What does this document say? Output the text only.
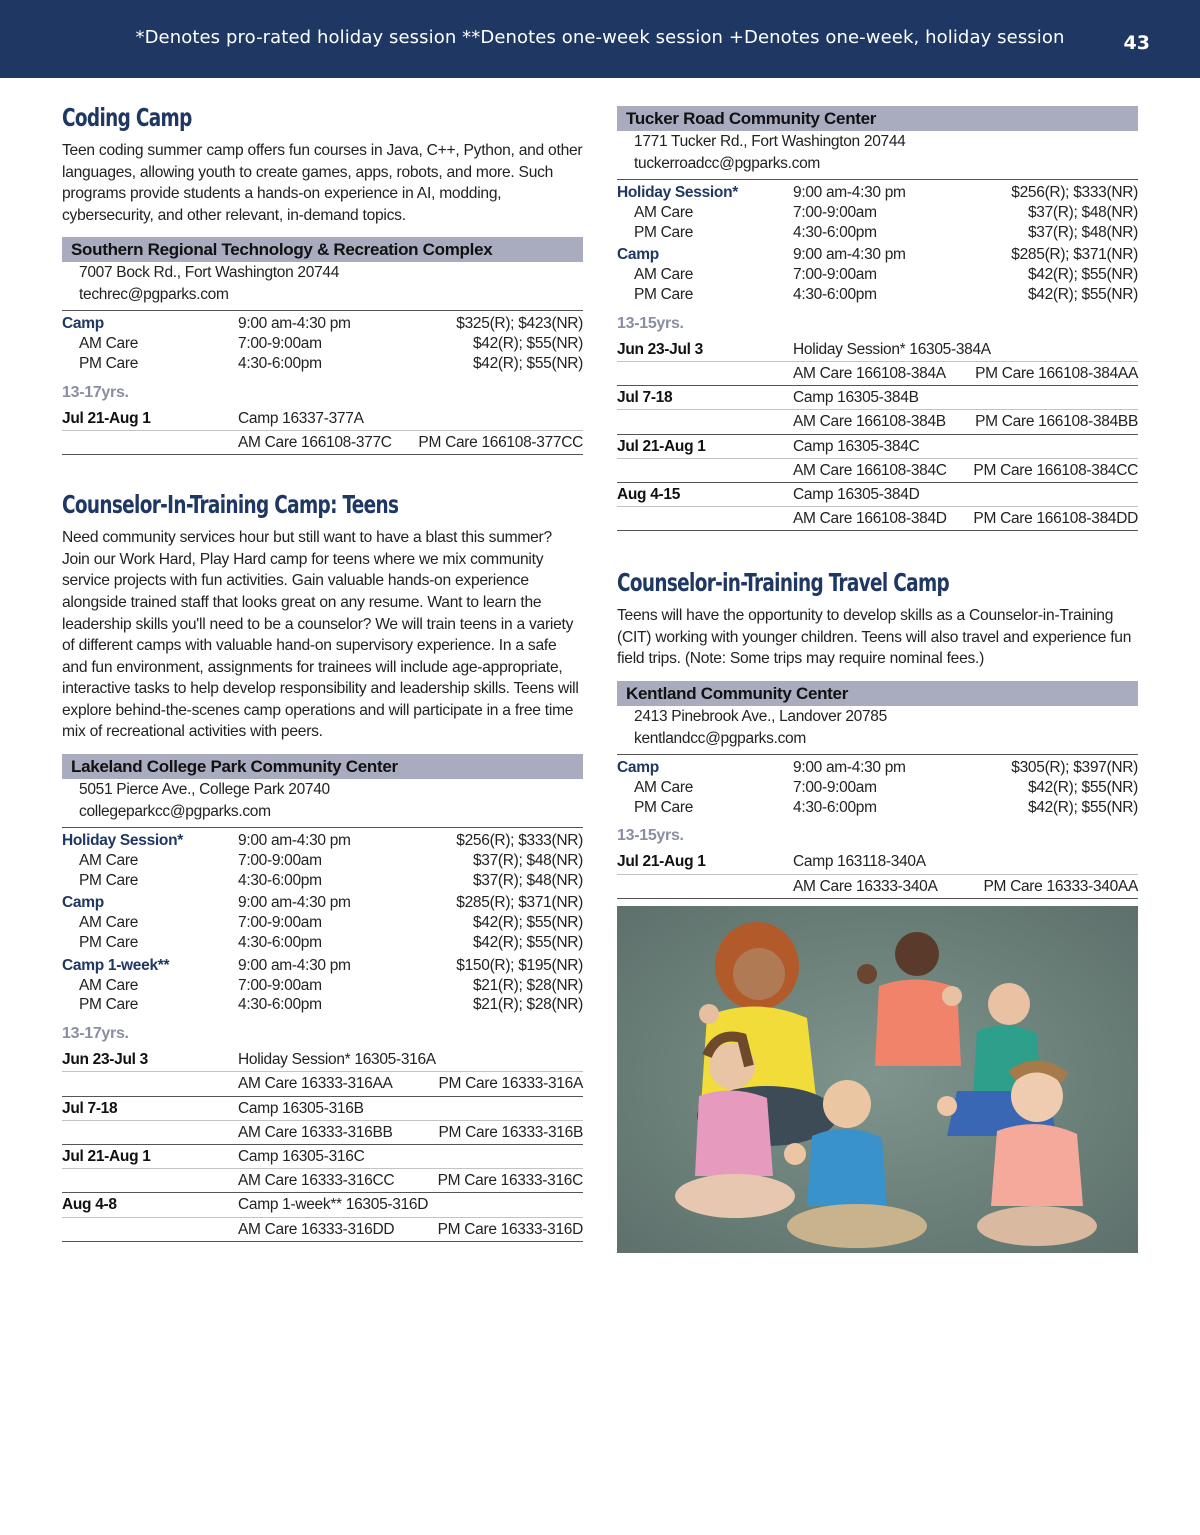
*Denotes pro-rated holiday session **Denotes one-week session +Denotes one-week, holiday session	43
Coding Camp

Teen coding summer camp offers fun courses in Java, C++, Python, and other languages, allowing youth to create games, apps, robots, and more. Such programs provide students a hands-on experience in AI, modding, cybersecurity, and other relevant, in-demand topics.

Southern Regional Technology & Recreation Complex
7007 Bock Rd., Fort Washington 20744
techrec@pgparks.com
Camp	9:00 am-4:30 pm	$325(R); $423(NR)
AM Care	7:00-9:00am	$42(R); $55(NR)
PM Care	4:30-6:00pm	$42(R); $55(NR)
13-17yrs.
Jul 21-Aug 1	Camp 16337-377A
AM Care 166108-377C PM Care 166108-377CC
Counselor-In-Training Camp: Teens

Need community services hour but still want to have a blast this summer? Join our Work Hard, Play Hard camp for teens where we mix community service projects with fun activities. Gain valuable hands-on experience alongside trained staff that looks great on any resume. Want to learn the leadership skills you'll need to be a counselor? We will train teens in a variety of different camps with valuable hand-on supervisory experience. In a safe and fun environment, assignments for trainees will include age-appropriate, interactive tasks to help develop responsibility and leadership skills. Teens will explore behind-the-scenes camp operations and will participate in a free time mix of recreational activities with peers.

Lakeland College Park Community Center
5051 Pierce Ave., College Park 20740
collegeparkcc@pgparks.com
Holiday Session*	9:00 am-4:30 pm	$256(R); $333(NR)
AM Care	7:00-9:00am	$37(R); $48(NR)
PM Care	4:30-6:00pm	$37(R); $48(NR)
Camp	9:00 am-4:30 pm	$285(R); $371(NR)
AM Care	7:00-9:00am	$42(R); $55(NR)
PM Care	4:30-6:00pm	$42(R); $55(NR)
Camp 1-week**	9:00 am-4:30 pm	$150(R); $195(NR)
AM Care	7:00-9:00am	$21(R); $28(NR)
PM Care	4:30-6:00pm	$21(R); $28(NR)
13-17yrs.
Jun 23-Jul 3	Holiday Session* 16305-316A
AM Care 16333-316AA	PM Care 16333-316A
Jul 7-18	Camp 16305-316B
AM Care 16333-316BB	PM Care 16333-316B
Jul 21-Aug 1	Camp 16305-316C
AM Care 16333-316CC	PM Care 16333-316C
Aug 4-8	Camp 1-week** 16305-316D
AM Care 16333-316DD	PM Care 16333-316D
Tucker Road Community Center
1771 Tucker Rd., Fort Washington 20744
tuckerroadcc@pgparks.com
Holiday Session*	9:00 am-4:30 pm	$256(R); $333(NR)
AM Care	7:00-9:00am	$37(R); $48(NR)
PM Care	4:30-6:00pm	$37(R); $48(NR)
Camp	9:00 am-4:30 pm	$285(R); $371(NR)
AM Care	7:00-9:00am	$42(R); $55(NR)
PM Care	4:30-6:00pm	$42(R); $55(NR)
13-15yrs.
Jun 23-Jul 3	Holiday Session* 16305-384A
AM Care 166108-384A PM Care 166108-384AA
Jul 7-18	Camp 16305-384B
AM Care 166108-384B PM Care 166108-384BB
Jul 21-Aug 1	Camp 16305-384C
AM Care 166108-384C PM Care 166108-384CC
Aug 4-15	Camp 16305-384D
AM Care 166108-384D PM Care 166108-384DD
Counselor-in-Training Travel Camp

Teens will have the opportunity to develop skills as a Counselor-in-Training (CIT) working with younger children. Teens will also travel and experience fun field trips. (Note: Some trips may require nominal fees.)

Kentland Community Center
2413 Pinebrook Ave., Landover 20785
kentlandcc@pgparks.com
Camp	9:00 am-4:30 pm	$305(R); $397(NR)
AM Care	7:00-9:00am	$42(R); $55(NR)
PM Care	4:30-6:00pm	$42(R); $55(NR)
13-15yrs.
Jul 21-Aug 1	Camp 163118-340A
AM Care 16333-340A	PM Care 16333-340AA
